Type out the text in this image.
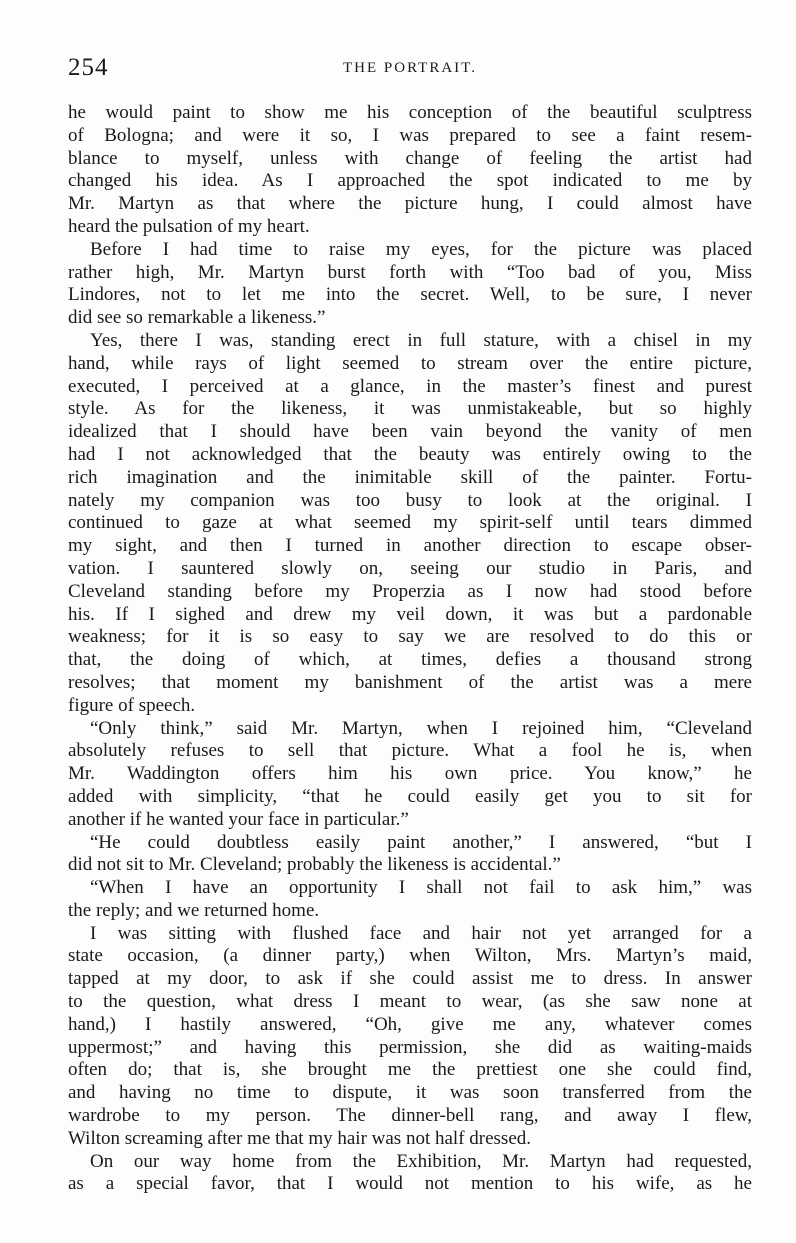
254	THE PORTRAIT.
he would paint to show me his conception of the beautiful sculptress
of Bologna; and were it so, I was prepared to see a faint resem-
blance to myself, unless with change of feeling the artist had
changed his idea. As I approached the spot indicated to me by
Mr. Martyn as that where the picture hung, I could almost have
heard the pulsation of my heart.
Before I had time to raise my eyes, for the picture was placed
rather high, Mr. Martyn burst forth with “Too bad of you, Miss
Lindores, not to let me into the secret. Well, to be sure, I never
did see so remarkable a likeness.”
Yes, there I was, standing erect in full stature, with a chisel in my
hand, while rays of light seemed to stream over the entire picture,
executed, I perceived at a glance, in the master’s finest and purest
style. As for the likeness, it was unmistakeable, but so highly
idealized that I should have been vain beyond the vanity of men
had I not acknowledged that the beauty was entirely owing to the
rich imagination and the inimitable skill of the painter. Fortu-
nately my companion was too busy to look at the original. I
continued to gaze at what seemed my spirit-self until tears dimmed
my sight, and then I turned in another direction to escape obser-
vation. I sauntered slowly on, seeing our studio in Paris, and
Cleveland standing before my Properzia as I now had stood before
his. If I sighed and drew my veil down, it was but a pardonable
weakness; for it is so easy to say we are resolved to do this or
that, the doing of which, at times, defies a thousand strong
resolves; that moment my banishment of the artist was a mere
figure of speech.
“Only think,” said Mr. Martyn, when I rejoined him, “Cleveland
absolutely refuses to sell that picture. What a fool he is, when
Mr. Waddington offers him his own price. You know,” he
added with simplicity, “that he could easily get you to sit for
another if he wanted your face in particular.”
“He could doubtless easily paint another,” I answered, “but I
did not sit to Mr. Cleveland; probably the likeness is accidental.”
“When I have an opportunity I shall not fail to ask him,” was
the reply; and we returned home.
I was sitting with flushed face and hair not yet arranged for a
state occasion, (a dinner party,) when Wilton, Mrs. Martyn’s maid,
tapped at my door, to ask if she could assist me to dress. In answer
to the question, what dress I meant to wear, (as she saw none at
hand,) I hastily answered, “Oh, give me any, whatever comes
uppermost;” and having this permission, she did as waiting-maids
often do; that is, she brought me the prettiest one she could find,
and having no time to dispute, it was soon transferred from the
wardrobe to my person. The dinner-bell rang, and away I flew,
Wilton screaming after me that my hair was not half dressed.
On our way home from the Exhibition, Mr. Martyn had requested,
as a special favor, that I would not mention to his wife, as he
